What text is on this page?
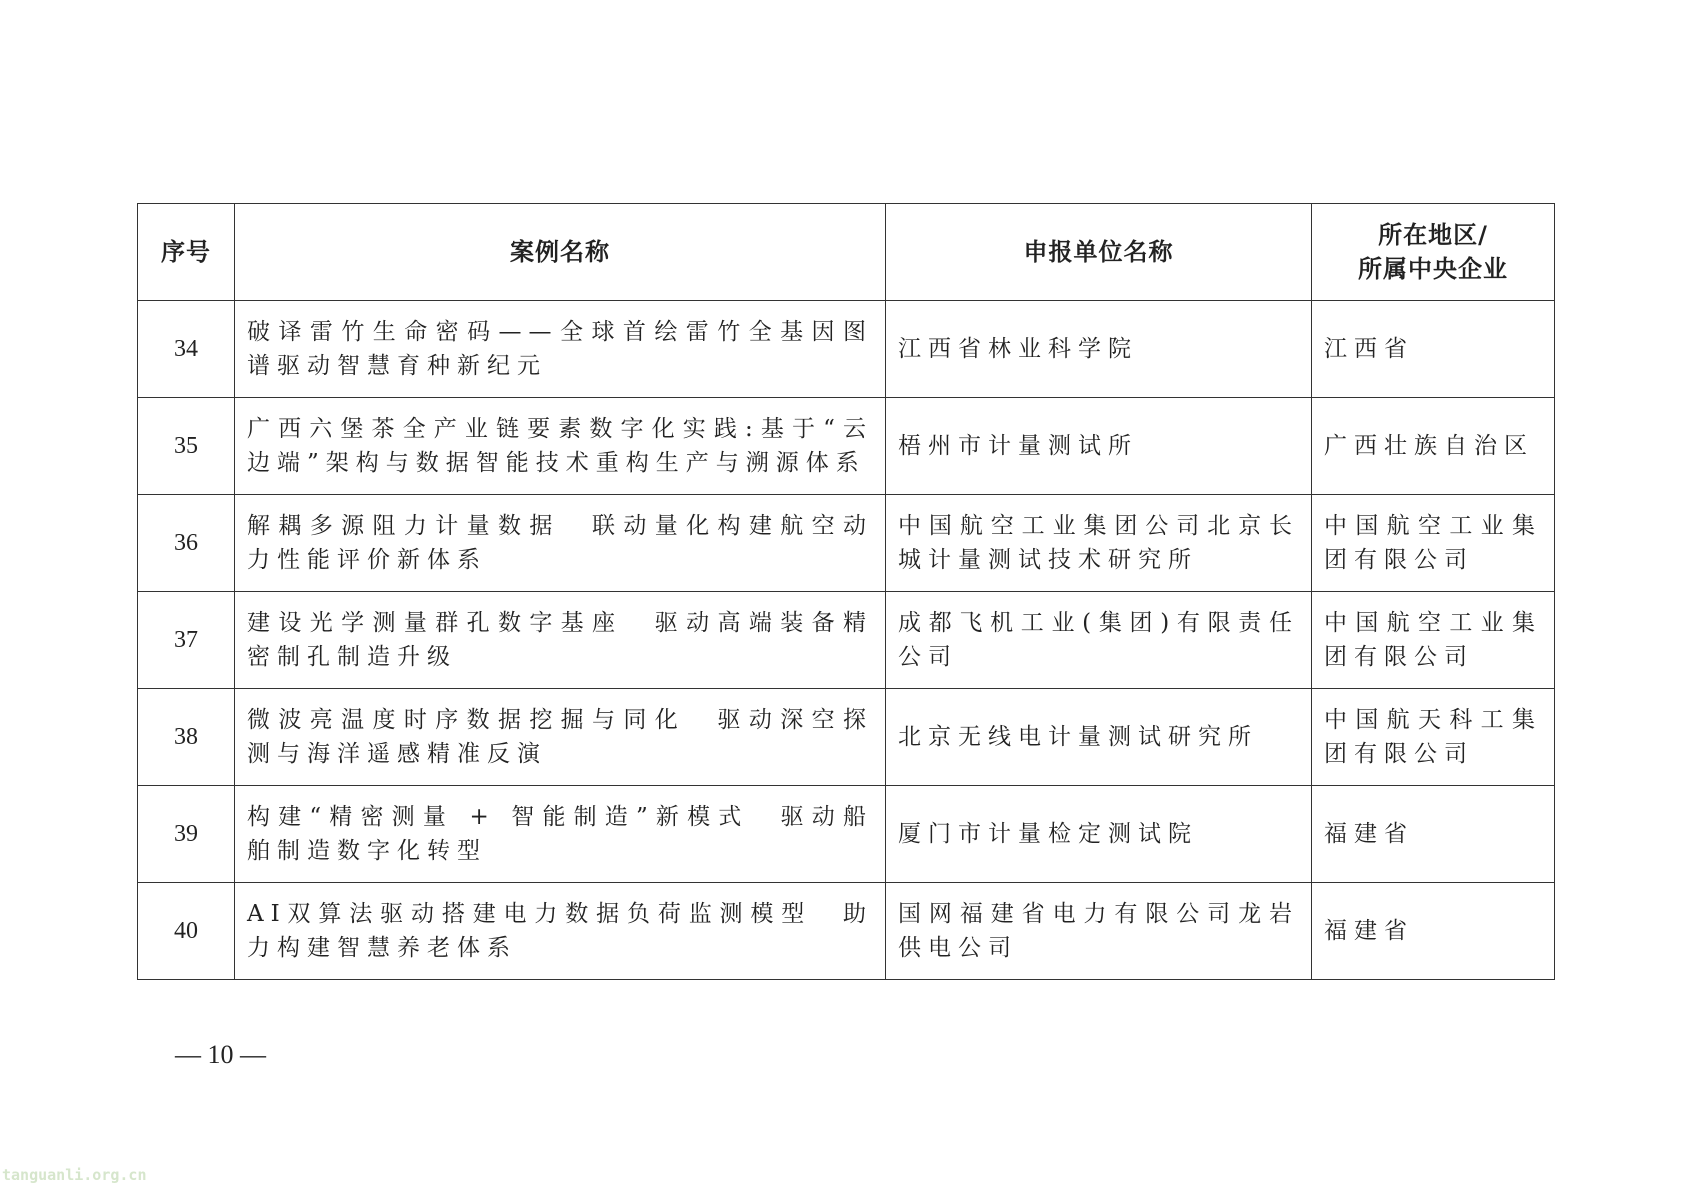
序号	案例名称	申报单位名称	所在地区/
所属中央企业
34	破译雷竹生命密码——全球首绘雷竹全基因图谱驱动智慧育种新纪元	江西省林业科学院	江西省
35	广西六堡茶全产业链要素数字化实践:基于“云边端”架构与数据智能技术重构生产与溯源体系	梧州市计量测试所	广西壮族自治区
36	解耦多源阻力计量数据　联动量化构建航空动力性能评价新体系	中国航空工业集团公司北京长城计量测试技术研究所	中国航空工业集团有限公司
37	建设光学测量群孔数字基座　驱动高端装备精密制孔制造升级	成都飞机工业(集团)有限责任公司	中国航空工业集团有限公司
38	微波亮温度时序数据挖掘与同化　驱动深空探测与海洋遥感精准反演	北京无线电计量测试研究所	中国航天科工集团有限公司
39	构建“精密测量 + 智能制造”新模式　驱动船舶制造数字化转型	厦门市计量检定测试院	福建省
40	AI双算法驱动搭建电力数据负荷监测模型　助力构建智慧养老体系	国网福建省电力有限公司龙岩供电公司	福建省
— 10 —
tanguanli.org.cn
